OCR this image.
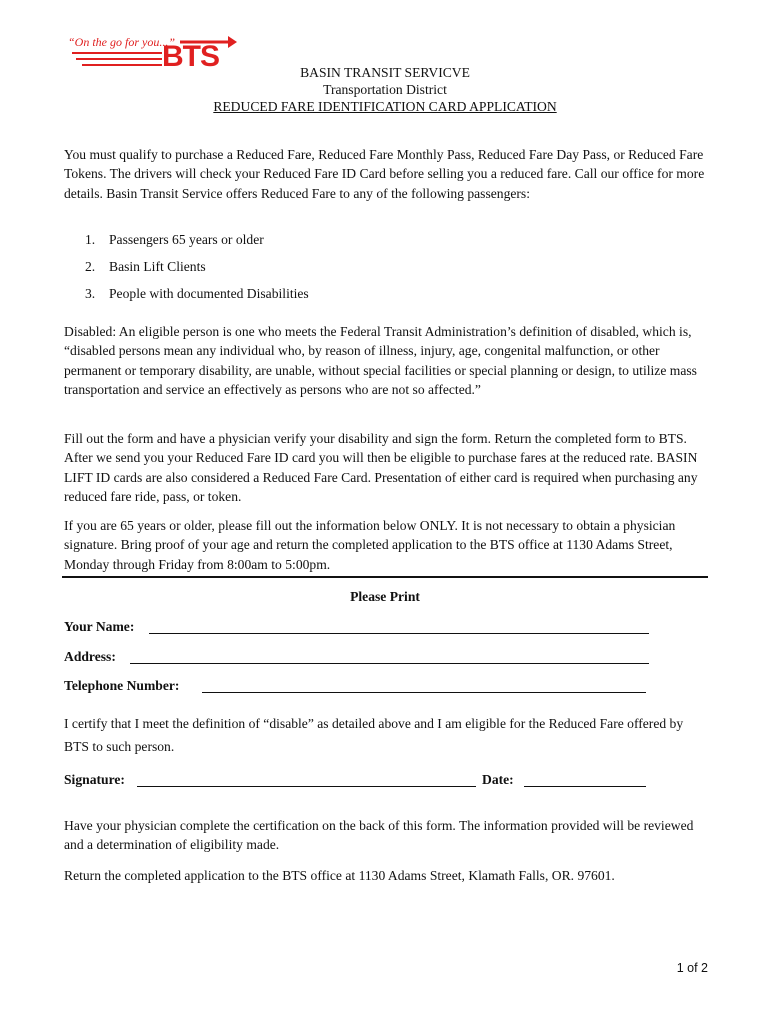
“On the go for you...”
BTS	BASIN TRANSIT SERVICVE
Transportation District
REDUCED FARE IDENTIFICATION CARD APPLICATION

You must qualify to purchase a Reduced Fare, Reduced Fare Monthly Pass, Reduced Fare Day Pass, or Reduced Fare Tokens. The drivers will check your Reduced Fare ID Card before selling you a reduced fare. Call our office for more details. Basin Transit Service offers Reduced Fare to any of the following passengers:

1. Passengers 65 years or older
2. Basin Lift Clients
3. People with documented Disabilities

Disabled: An eligible person is one who meets the Federal Transit Administration’s definition of disabled, which is, “disabled persons mean any individual who, by reason of illness, injury, age, congenital malfunction, or other permanent or temporary disability, are unable, without special facilities or special planning or design, to utilize mass transportation and service an effectively as persons who are not so affected.”

Fill out the form and have a physician verify your disability and sign the form. Return the completed form to BTS. After we send you your Reduced Fare ID card you will then be eligible to purchase fares at the reduced rate. BASIN LIFT ID cards are also considered a Reduced Fare Card. Presentation of either card is required when purchasing any reduced fare ride, pass, or token.

If you are 65 years or older, please fill out the information below ONLY. It is not necessary to obtain a physician signature. Bring proof of your age and return the completed application to the BTS office at 1130 Adams Street, Monday through Friday from 8:00am to 5:00pm.

Please Print
Your Name:
Address:
Telephone Number:

I certify that I meet the definition of “disable” as detailed above and I am eligible for the Reduced Fare offered by BTS to such person.

Signature:	Date:

Have your physician complete the certification on the back of this form. The information provided will be reviewed and a determination of eligibility made.

Return the completed application to the BTS office at 1130 Adams Street, Klamath Falls, OR. 97601.

1 of 2
